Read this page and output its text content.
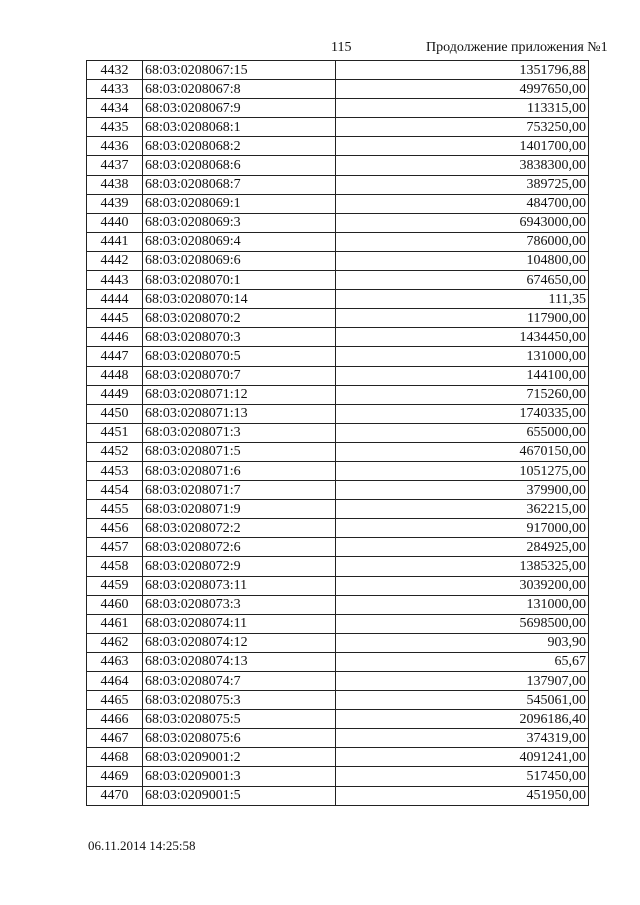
115	Продолжение приложения №1
4432	68:03:0208067:15	1351796,88
4433	68:03:0208067:8	4997650,00
4434	68:03:0208067:9	113315,00
4435	68:03:0208068:1	753250,00
4436	68:03:0208068:2	1401700,00
4437	68:03:0208068:6	3838300,00
4438	68:03:0208068:7	389725,00
4439	68:03:0208069:1	484700,00
4440	68:03:0208069:3	6943000,00
4441	68:03:0208069:4	786000,00
4442	68:03:0208069:6	104800,00
4443	68:03:0208070:1	674650,00
4444	68:03:0208070:14	111,35
4445	68:03:0208070:2	117900,00
4446	68:03:0208070:3	1434450,00
4447	68:03:0208070:5	131000,00
4448	68:03:0208070:7	144100,00
4449	68:03:0208071:12	715260,00
4450	68:03:0208071:13	1740335,00
4451	68:03:0208071:3	655000,00
4452	68:03:0208071:5	4670150,00
4453	68:03:0208071:6	1051275,00
4454	68:03:0208071:7	379900,00
4455	68:03:0208071:9	362215,00
4456	68:03:0208072:2	917000,00
4457	68:03:0208072:6	284925,00
4458	68:03:0208072:9	1385325,00
4459	68:03:0208073:11	3039200,00
4460	68:03:0208073:3	131000,00
4461	68:03:0208074:11	5698500,00
4462	68:03:0208074:12	903,90
4463	68:03:0208074:13	65,67
4464	68:03:0208074:7	137907,00
4465	68:03:0208075:3	545061,00
4466	68:03:0208075:5	2096186,40
4467	68:03:0208075:6	374319,00
4468	68:03:0209001:2	4091241,00
4469	68:03:0209001:3	517450,00
4470	68:03:0209001:5	451950,00
06.11.2014 14:25:58
